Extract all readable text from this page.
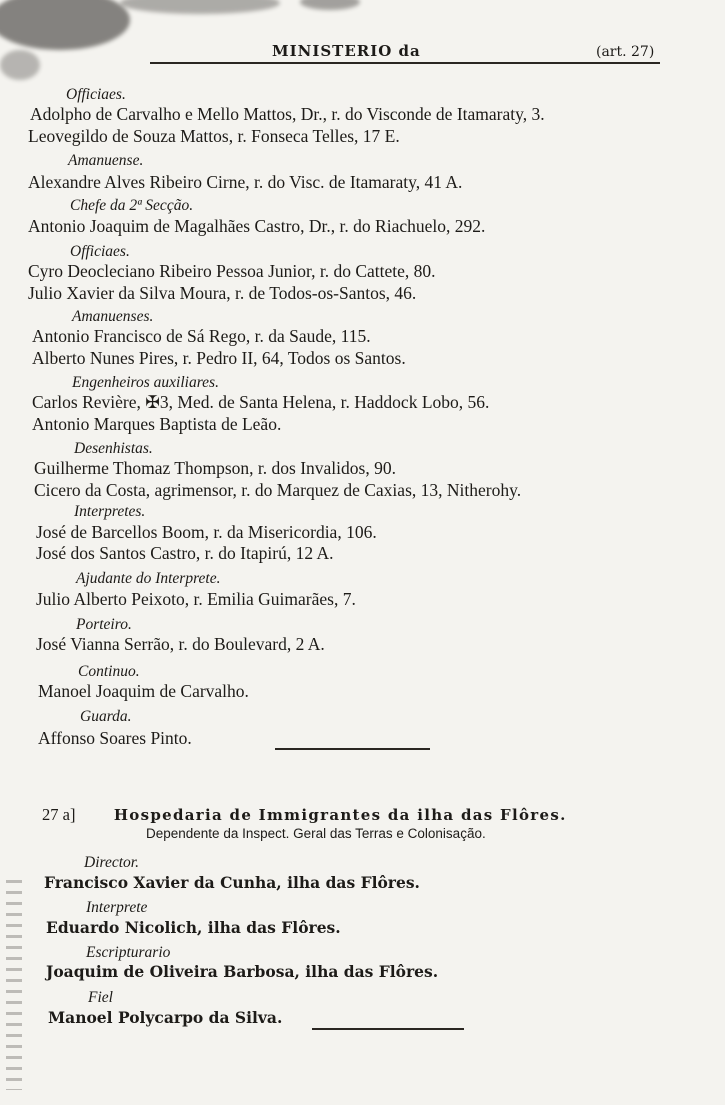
MINISTERIO da	(art. 27)
Officiaes.
Adolpho de Carvalho e Mello Mattos, Dr., r. do Visconde de Itamaraty, 3.
Leovegildo de Souza Mattos, r. Fonseca Telles, 17 E.
Amanuense.
Alexandre Alves Ribeiro Cirne, r. do Visc. de Itamaraty, 41 A.
Chefe da 2ª Secção.
Antonio Joaquim de Magalhães Castro, Dr., r. do Riachuelo, 292.
Officiaes.
Cyro Deocleciano Ribeiro Pessoa Junior, r. do Cattete, 80.
Julio Xavier da Silva Moura, r. de Todos-os-Santos, 46.
Amanuenses.
Antonio Francisco de Sá Rego, r. da Saude, 115.
Alberto Nunes Pires, r. Pedro II, 64, Todos os Santos.
Engenheiros auxiliares.
Carlos Revière, ✠3, Med. de Santa Helena, r. Haddock Lobo, 56.
Antonio Marques Baptista de Leão.
Desenhistas.
Guilherme Thomaz Thompson, r. dos Invalidos, 90.
Cicero da Costa, agrimensor, r. do Marquez de Caxias, 13, Nitherohy.
Interpretes.
José de Barcellos Boom, r. da Misericordia, 106.
José dos Santos Castro, r. do Itapirú, 12 A.
Ajudante do Interprete.
Julio Alberto Peixoto, r. Emilia Guimarães, 7.
Porteiro.
José Vianna Serrão, r. do Boulevard, 2 A.
Continuo.
Manoel Joaquim de Carvalho.
Guarda.
Affonso Soares Pinto.
27 a]	Hospedaria de Immigrantes da ilha das Flôres.
Dependente da Inspect. Geral das Terras e Colonisação.
Director.
Francisco Xavier da Cunha, ilha das Flôres.
Interprete
Eduardo Nicolich, ilha das Flôres.
Escripturario
Joaquim de Oliveira Barbosa, ilha das Flôres.
Fiel
Manoel Polycarpo da Silva.
